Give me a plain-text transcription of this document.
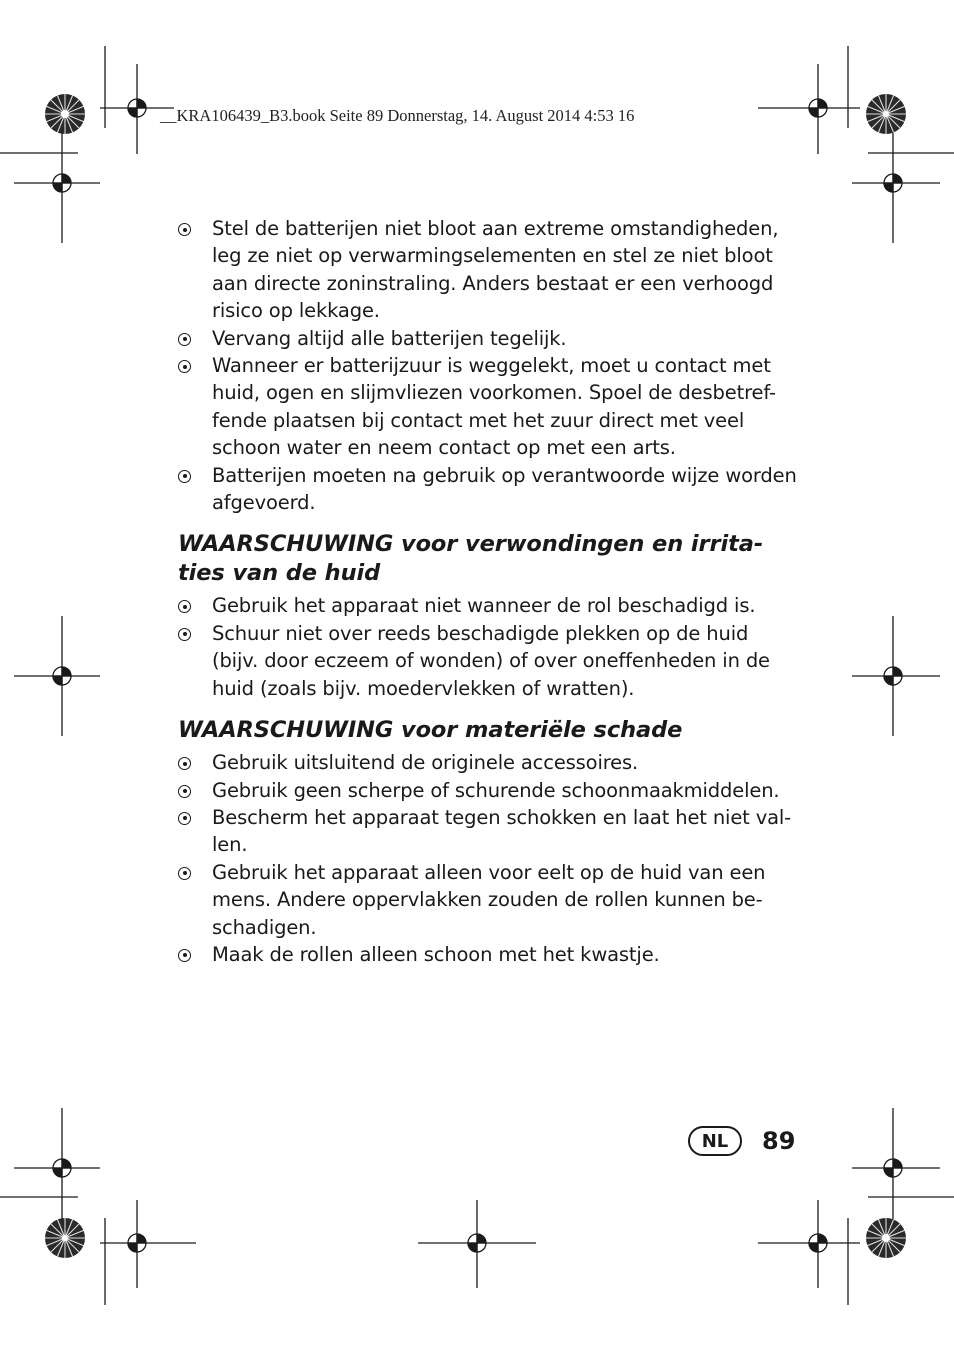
__KRA106439_B3.book Seite 89 Donnerstag, 14. August 2014 4:53 16
Stel de batterijen niet bloot aan extreme omstandigheden, leg ze niet op verwarmingselementen en stel ze niet bloot aan directe zoninstraling. Anders bestaat er een verhoogd risico op lekkage.
Vervang altijd alle batterijen tegelijk.
Wanneer er batterijzuur is weggelekt, moet u contact met huid, ogen en slijmvliezen voorkomen. Spoel de desbetref-fende plaatsen bij contact met het zuur direct met veel schoon water en neem contact op met een arts.
Batterijen moeten na gebruik op verantwoorde wijze worden afgevoerd.
WAARSCHUWING voor verwondingen en irrita-ties van de huid
Gebruik het apparaat niet wanneer de rol beschadigd is.
Schuur niet over reeds beschadigde plekken op de huid (bijv. door eczeem of wonden) of over oneffenheden in de huid (zoals bijv. moedervlekken of wratten).
WAARSCHUWING voor materiële schade
Gebruik uitsluitend de originele accessoires.
Gebruik geen scherpe of schurende schoonmaakmiddelen.
Bescherm het apparaat tegen schokken en laat het niet val-len.
Gebruik het apparaat alleen voor eelt op de huid van een mens. Andere oppervlakken zouden de rollen kunnen be-schadigen.
Maak de rollen alleen schoon met het kwastje.
NL	89
